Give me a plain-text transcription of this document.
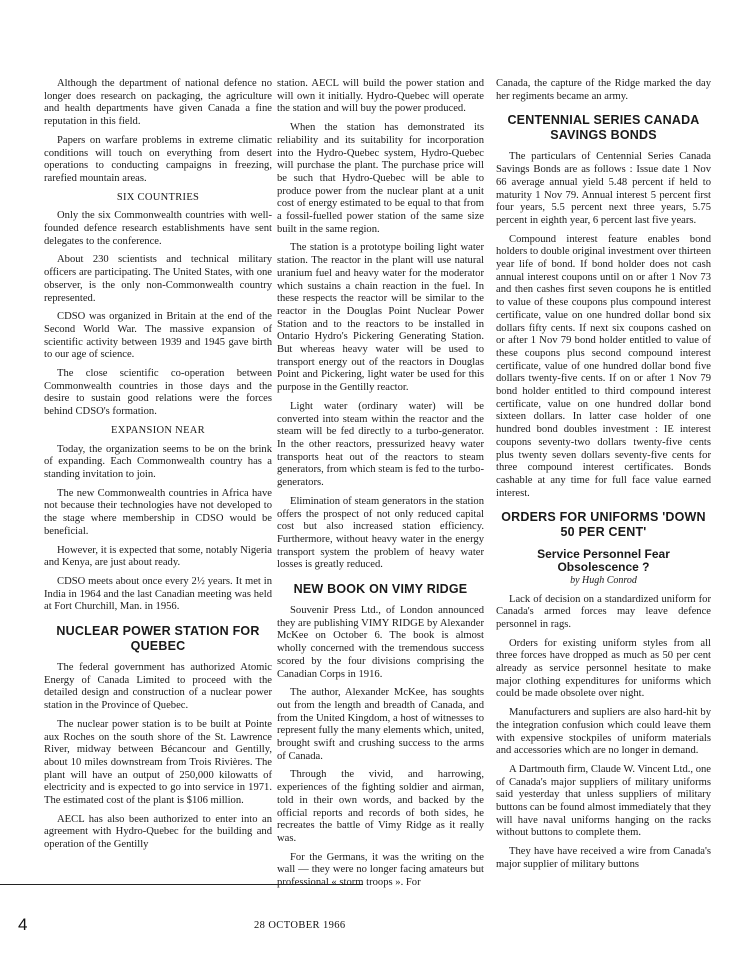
Although the department of national defence no longer does research on packaging, the agriculture and health departments have given Canada a fine reputation in this field.

Papers on warfare problems in extreme climatic conditions will touch on everything from desert operations to conducting campaigns in freezing, rarefied mountain areas.

SIX COUNTRIES

Only the six Commonwealth countries with well-founded defence research establishments have sent delegates to the conference.

About 230 scientists and technical military officers are participating. The United States, with one observer, is the only non-Commonwealth country represented.

CDSO was organized in Britain at the end of the Second World War. The massive expansion of scientific activity between 1939 and 1945 gave birth to our age of science.

The close scientific co-operation between Commonwealth countries in those days and the desire to sustain good relations were the forces behind CDSO's formation.

EXPANSION NEAR

Today, the organization seems to be on the brink of expanding. Each Commonwealth country has a standing invitation to join.

The new Commonwealth countries in Africa have not because their technologies have not developed to the stage where membership in CDSO would be beneficial.

However, it is expected that some, notably Nigeria and Kenya, are just about ready.

CDSO meets about once every 2½ years. It met in India in 1964 and the last Canadian meeting was held at Fort Churchill, Man. in 1956.

NUCLEAR POWER STATION FOR QUEBEC

The federal government has authorized Atomic Energy of Canada Limited to proceed with the detailed design and construction of a nuclear power station in the Province of Quebec.

The nuclear power station is to be built at Pointe aux Roches on the south shore of the St. Lawrence River, midway between Bécancour and Gentilly, about 10 miles downstream from Trois Rivières. The plant will have an output of 250,000 kilowatts of electricity and is expected to go into service in 1971. The estimated cost of the plant is $106 million.

AECL has also been authorized to enter into an agreement with Hydro-Quebec for the building and operation of the Gentilly

station. AECL will build the power station and will own it initially. Hydro-Quebec will operate the station and will buy the power produced.

When the station has demonstrated its reliability and its suitability for incorporation into the Hydro-Quebec system, Hydro-Quebec will purchase the plant. The purchase price will be such that Hydro-Quebec will be able to produce power from the nuclear plant at a unit cost of energy estimated to be equal to that from a fossil-fuelled power station of the same size built in the same region.

The station is a prototype boiling light water station. The reactor in the plant will use natural uranium fuel and heavy water for the moderator which sustains a chain reaction in the fuel. In these respects the reactor will be similar to the reactor in the Douglas Point Nuclear Power Station and to the reactors to be installed in Ontario Hydro's Pickering Generating Station. But whereas heavy water will be used to transport energy out of the reactors in Douglas Point and Pickering, light water be used for this purpose in the Gentilly reactor.

Light water (ordinary water) will be converted into steam within the reactor and the steam will be fed directly to a turbo-generator. In the other reactors, pressurized heavy water transports heat out of the reactors to steam generators, from which steam is fed to the turbo-generators.

Elimination of steam generators in the station offers the prospect of not only reduced capital cost but also increased station efficiency. Furthermore, without heavy water in the energy transport system the problem of heavy water losses is greatly reduced.

NEW BOOK ON VIMY RIDGE

Souvenir Press Ltd., of London announced they are publishing VIMY RIDGE by Alexander McKee on October 6. The book is almost wholly concerned with the tremendous success scored by the four divisions comprising the Canadian Corps in 1916.

The author, Alexander McKee, has soughts out from the length and breadth of Canada, and from the United Kingdom, a host of witnesses to represent fully the many elements which, united, brought swift and crushing success to the arms of Canada.

Through the vivid, and harrowing, experiences of the fighting soldier and airman, told in their own words, and backed by the official reports and records of both sides, he recreates the battle of Vimy Ridge as it really was.

For the Germans, it was the writing on the wall — they were no longer facing amateurs but professional « storm troops ». For

Canada, the capture of the Ridge marked the day her regiments became an army.

CENTENNIAL SERIES CANADA SAVINGS BONDS

The particulars of Centennial Series Canada Savings Bonds are as follows : Issue date 1 Nov 66 average annual yield 5.48 percent if held to maturity 1 Nov 79. Annual interest 5 percent first four years, 5.5 percent next three years, 5.75 percent in eighth year, 6 percent last five years.

Compound interest feature enables bond holders to double original investment over thirteen year life of bond. If bond holder does not cash annual interest coupons until on or after 1 Nov 73 and then cashes first seven coupons he is entitled to value of these coupons plus compound interest certificate, value on one hundred dollar bond six dollars fifty cents. If next six coupons cashed on or after 1 Nov 79 bond holder entitled to value of these coupons plus second compound interest certificate, value of one hundred dollar bond five dollars twenty-five cents. If on or after 1 Nov 79 bond holder entitled to third compound interest certificate, value on one hundred dollar bond sixteen dollars. In latter case holder of one hundred bond doubles investment : IE interest coupons seventy-two dollars twenty-five cents plus twenty seven dollars seventy-five cents for three compound interest certificates. Bonds cashable at any time for full face value earned interest.

ORDERS FOR UNIFORMS 'DOWN 50 PER CENT'
Service Personnel Fear Obsolescence ?
by Hugh Conrod

Lack of decision on a standardized uniform for Canada's armed forces may leave defence personnel in rags.

Orders for existing uniform styles from all three forces have dropped as much as 50 per cent already as service personnel hesitate to make major clothing expenditures for uniforms which could be made obsolete over night.

Manufacturers and supliers are also hard-hit by the integration confusion which could leave them with expensive stockpiles of uniform materials and accessories which are no longer in demand.

A Dartmouth firm, Claude W. Vincent Ltd., one of Canada's major suppliers of military uniforms said yesterday that unless suppliers of military buttons can be found almost immediately that they will have naval uniforms hanging on the racks without buttons to complete them.

They have have received a wire from Canada's major supplier of military buttons

4	28 OCTOBER 1966
